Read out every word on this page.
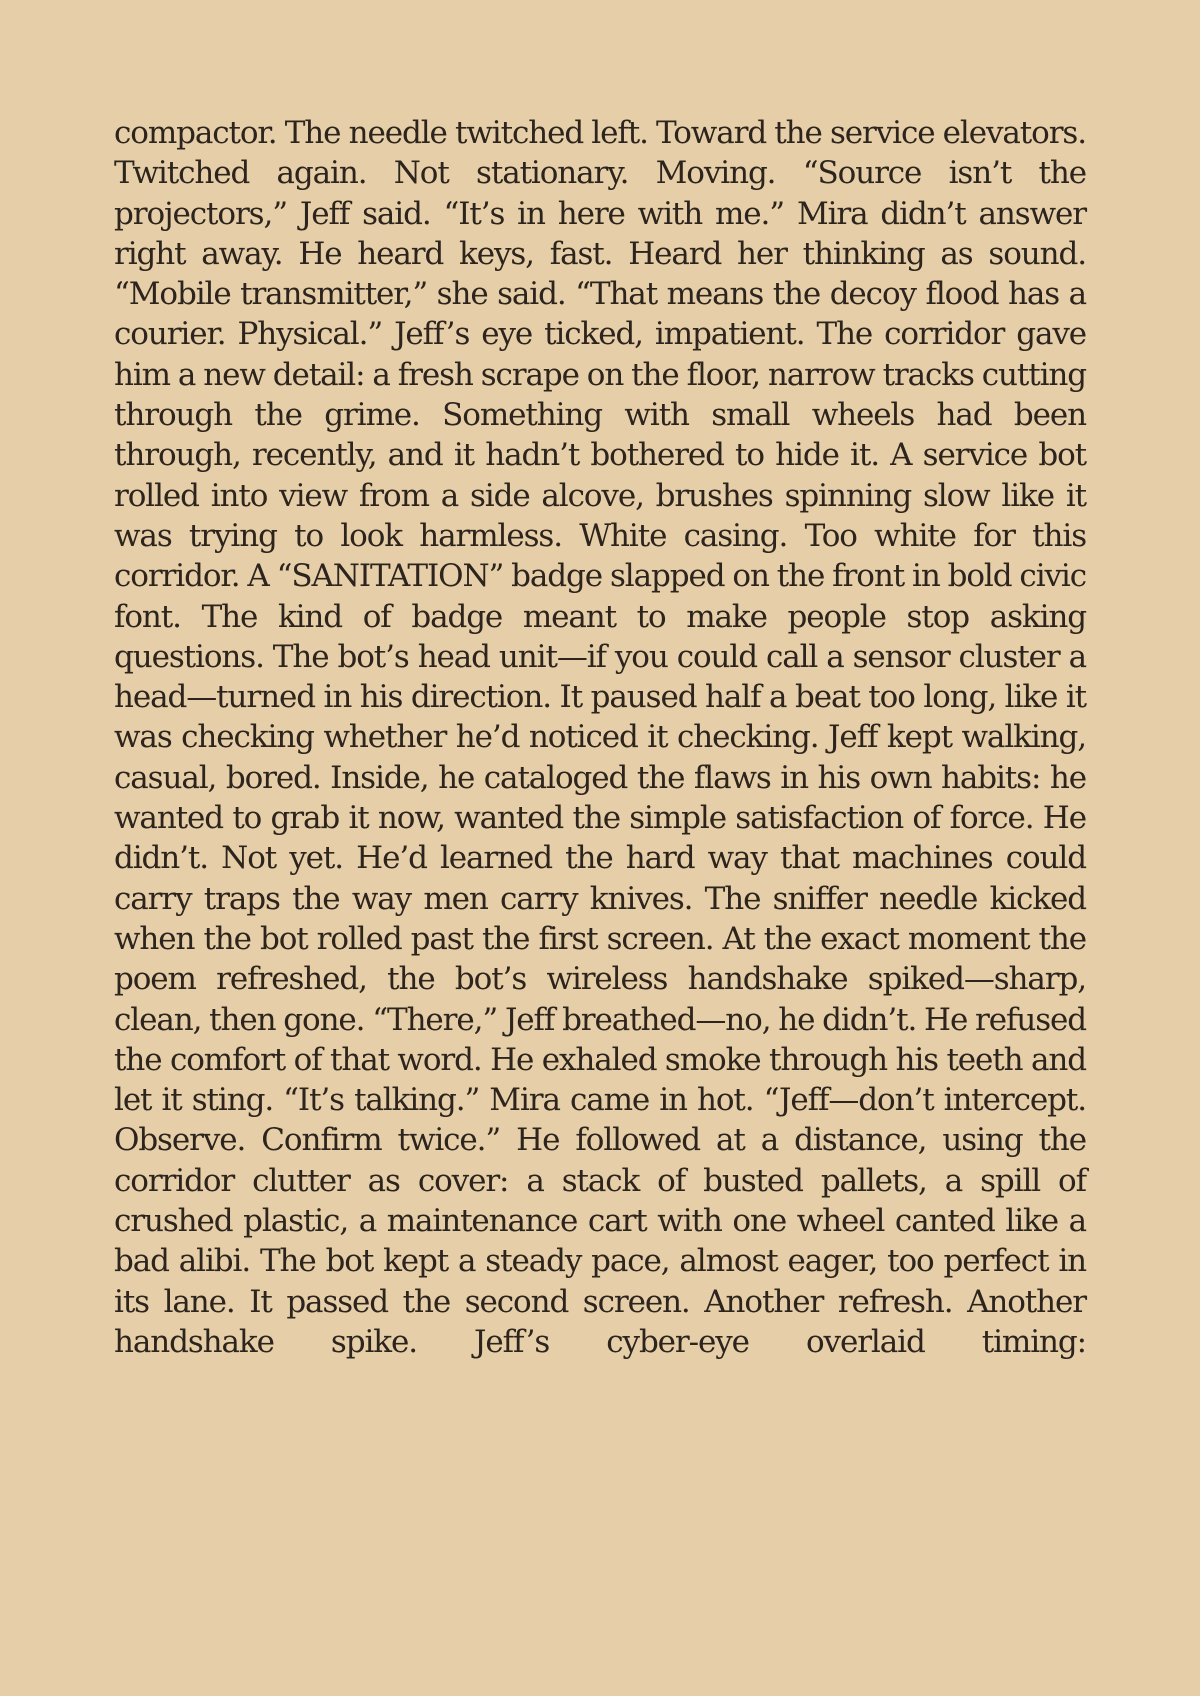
compactor. The needle twitched left. Toward the service elevators. Twitched again. Not stationary. Moving. “Source isn’t the projectors,” Jeff said. “It’s in here with me.” Mira didn’t answer right away. He heard keys, fast. Heard her thinking as sound. “Mobile transmitter,” she said. “That means the decoy flood has a courier. Physical.” Jeff’s eye ticked, impatient. The corridor gave him a new detail: a fresh scrape on the floor, narrow tracks cutting through the grime. Something with small wheels had been through, recently, and it hadn’t bothered to hide it. A service bot rolled into view from a side alcove, brushes spinning slow like it was trying to look harmless. White casing. Too white for this corridor. A “SANITATION” badge slapped on the front in bold civic font. The kind of badge meant to make people stop asking questions. The bot’s head unit—if you could call a sensor cluster a head—turned in his direction. It paused half a beat too long, like it was checking whether he’d noticed it checking. Jeff kept walking, casual, bored. Inside, he cataloged the flaws in his own habits: he wanted to grab it now, wanted the simple satisfaction of force. He didn’t. Not yet. He’d learned the hard way that machines could carry traps the way men carry knives. The sniffer needle kicked when the bot rolled past the first screen. At the exact moment the poem refreshed, the bot’s wireless handshake spiked—sharp, clean, then gone. “There,” Jeff breathed—no, he didn’t. He refused the comfort of that word. He exhaled smoke through his teeth and let it sting. “It’s talking.” Mira came in hot. “Jeff—don’t intercept. Observe. Confirm twice.” He followed at a distance, using the corridor clutter as cover: a stack of busted pallets, a spill of crushed plastic, a maintenance cart with one wheel canted like a bad alibi. The bot kept a steady pace, almost eager, too perfect in its lane. It passed the second screen. Another refresh. Another handshake spike. Jeff’s cyber-eye overlaid timing:
